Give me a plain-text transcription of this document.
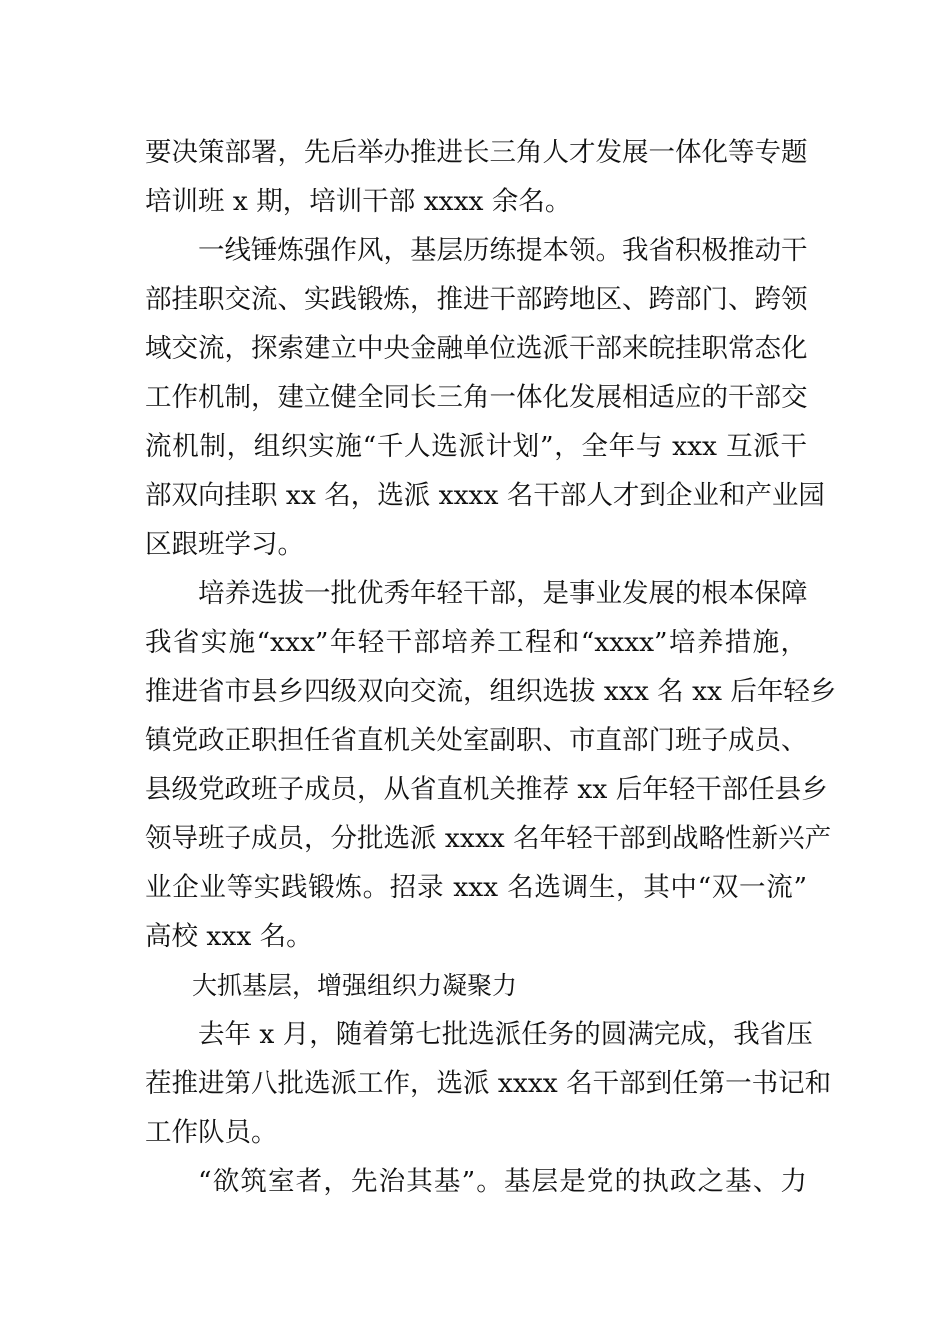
要决策部署，先后举办推进长三角人才发展一体化等专题
培训班 x 期，培训干部 xxxx 余名。
一线锤炼强作风，基层历练提本领。我省积极推动干
部挂职交流、实践锻炼，推进干部跨地区、跨部门、跨领
域交流，探索建立中央金融单位选派干部来皖挂职常态化
工作机制，建立健全同长三角一体化发展相适应的干部交
流机制，组织实施“千人选派计划”，全年与 xxx 互派干
部双向挂职 xx 名，选派 xxxx 名干部人才到企业和产业园
区跟班学习。
培养选拔一批优秀年轻干部，是事业发展的根本保障
我省实施“xxx”年轻干部培养工程和“xxxx”培养措施，
推进省市县乡四级双向交流，组织选拔 xxx 名 xx 后年轻乡
镇党政正职担任省直机关处室副职、市直部门班子成员、
县级党政班子成员，从省直机关推荐 xx 后年轻干部任县乡
领导班子成员，分批选派 xxxx 名年轻干部到战略性新兴产
业企业等实践锻炼。招录 xxx 名选调生，其中“双一流”
高校 xxx 名。
大抓基层，增强组织力凝聚力
去年 x 月，随着第七批选派任务的圆满完成，我省压
茬推进第八批选派工作，选派 xxxx 名干部到任第一书记和
工作队员。
“欲筑室者，先治其基”。基层是党的执政之基、力
